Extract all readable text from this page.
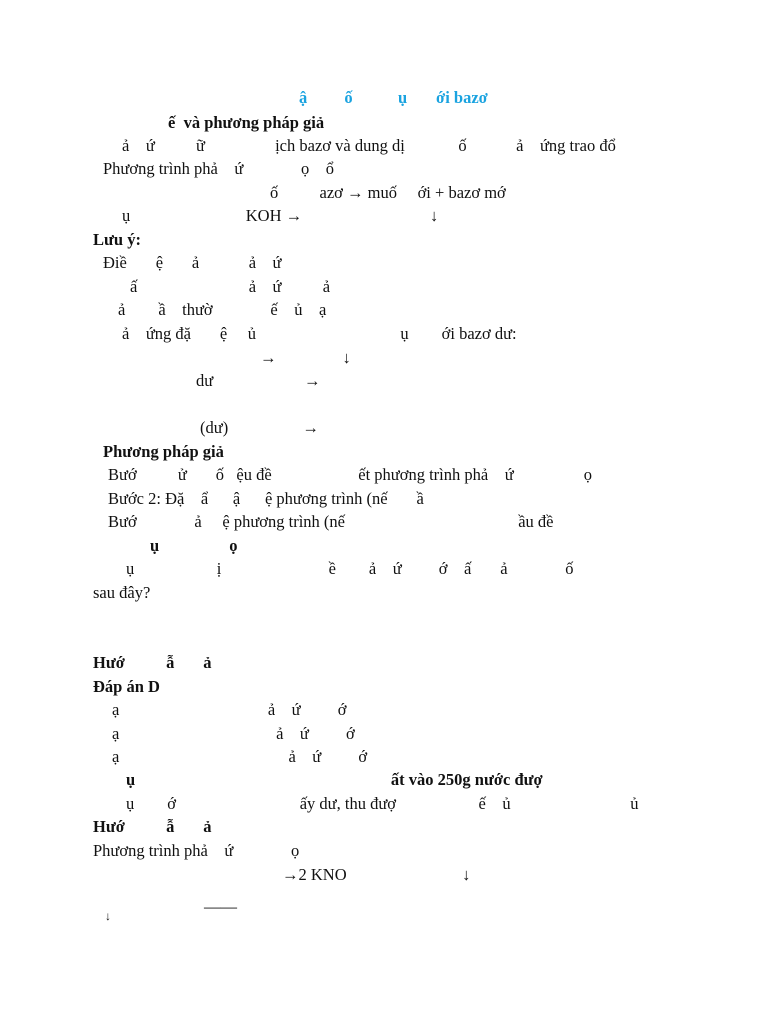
ậ         ố           ụ       ới bazơ
ế  và phương pháp giả
ả    ứ          ữ                 ịch bazơ và dung dị             ố            ả    ứng trao đổ
Phương trình phả    ứ              ọ    ổ
ố          azơ → muố     ới + bazơ mớ
ụ                            KOH →                               ↓
Lưu ý:
Điề       ệ       ả            ả    ứ
ấ                           ả    ứ          ả
ả        ầ    thườ              ế    ủ    ạ
ả    ứng đặ       ệ     ủ                                   ụ        ới bazơ dư:
→                ↓
dư                      →
(dư)                  →
Phương pháp giả
Bướ          ử       ố   ệu đề                     ết phương trình phả    ứ                 ọ
Bước 2: Đặ    ẩ      ậ      ệ phương trình (nế       ầ
Bướ              ả     ệ phương trình (nế                                          ầu đề
ụ                 ọ
ụ                    ị                          ề        ả    ứ         ớ    ấ       ả              ố
sau đây?
Hướ          ẫ       ả
Đáp án D
ạ                                    ả    ứ         ớ
ạ                                      ả    ứ         ớ
ạ                                         ả    ứ         ớ
ụ                                                              ất vào 250g nước đượ
ụ        ớ                              ấy dư, thu đượ                    ế    ủ                             ủ
Hướ          ẫ       ả
Phương trình phả    ứ              ọ
→2 KNO                            ↓
↓	——
